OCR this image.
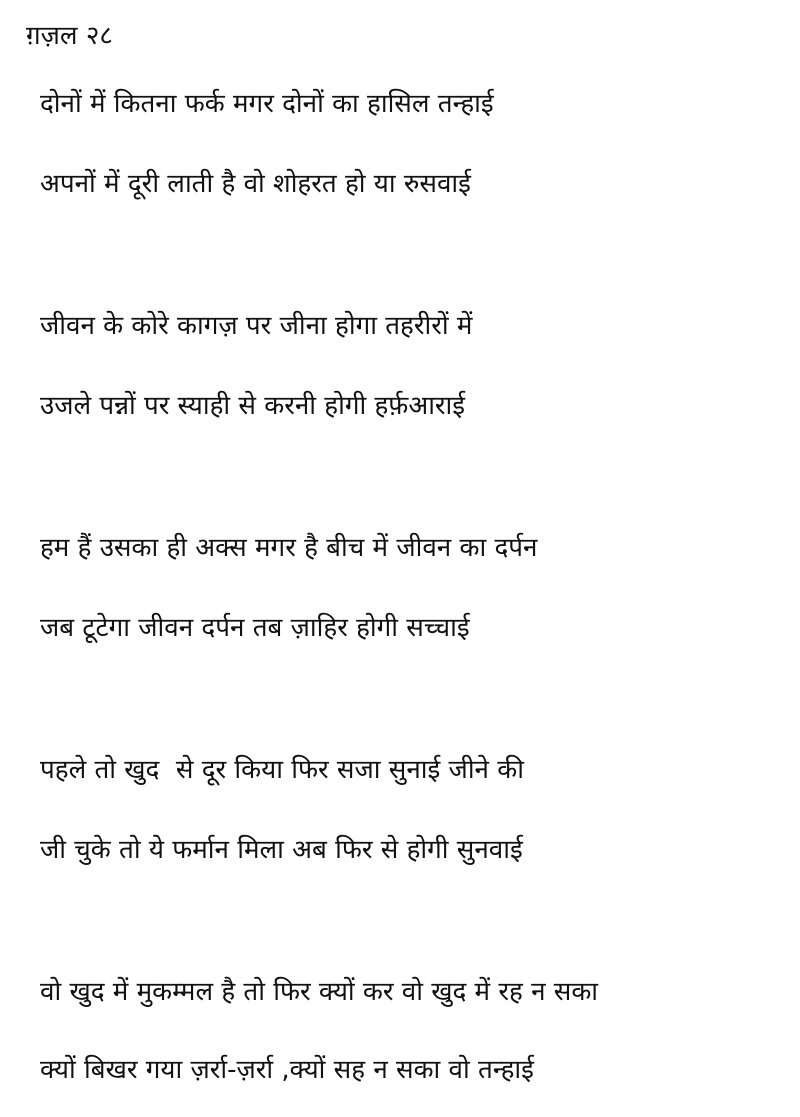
ग़ज़ल २८
दोनों में कितना फर्क मगर दोनों का हासिल तन्हाई
अपनों में दूरी लाती है वो शोहरत हो या रुसवाई
जीवन के कोरे कागज़ पर जीना होगा तहरीरों में
उजले पन्नों पर स्याही से करनी होगी हर्फ़आराई
हम हैं उसका ही अक्स मगर है बीच में जीवन का दर्पन
जब टूटेगा जीवन दर्पन तब ज़ाहिर होगी सच्चाई
पहले तो खुद  से दूर किया फिर सजा सुनाई जीने की
जी चुके तो ये फर्मान मिला अब फिर से होगी सुनवाई
वो खुद में मुकम्मल है तो फिर क्यों कर वो खुद में रह न सका
क्यों बिखर गया ज़र्रा-ज़र्रा ,क्यों सह न सका वो तन्हाई
